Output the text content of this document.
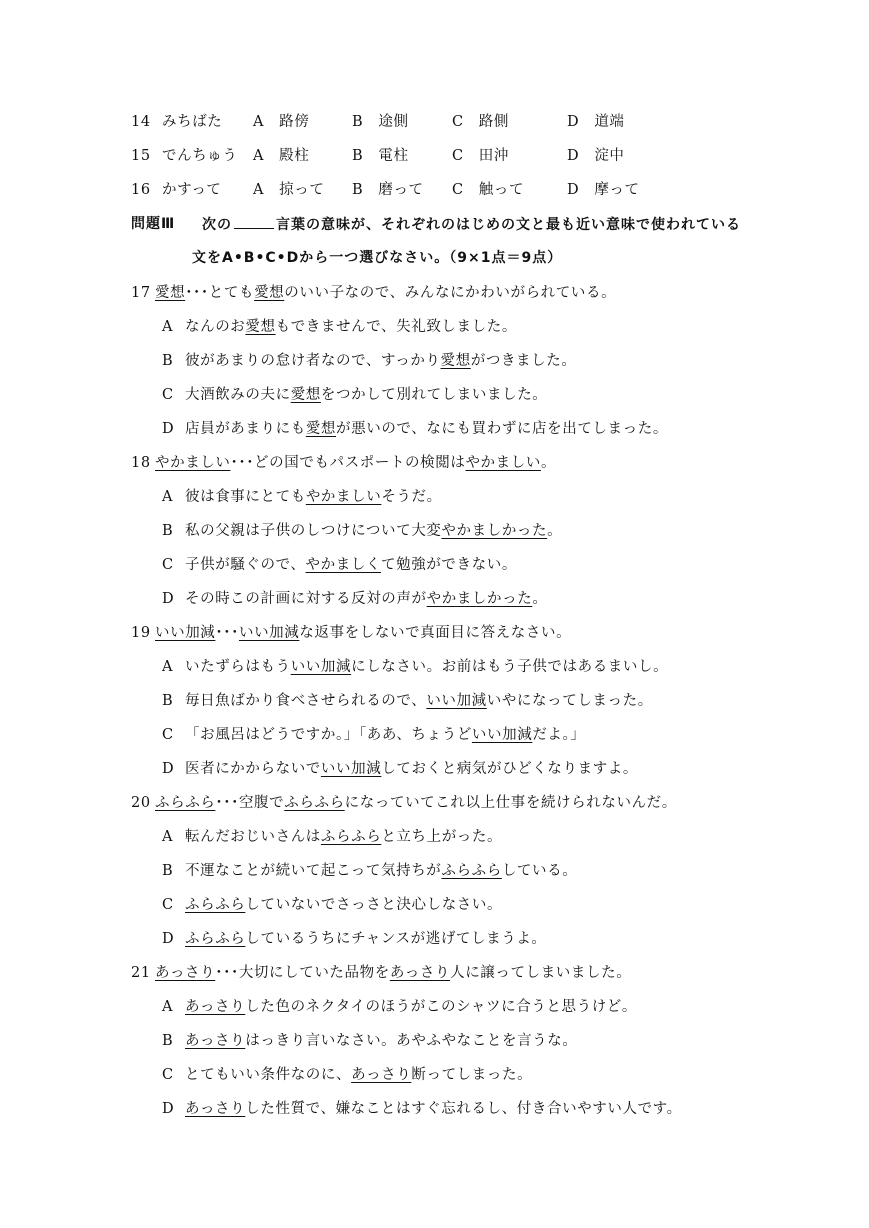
14 みちばた A　路傍	B　途側	C　路側	D　道端
15 でんちゅう A　殿柱	B　電柱	C　田沖	D　淀中
16 かすって A　掠って B　磨って C　触って	D　摩って
問題Ⅲ 次の	言葉の意味が、それぞれのはじめの文と最も近い意味で使われている
文をA•B•C•Dから一つ選びなさい。（9×1点＝9点）
17 愛想･･･とても愛想のいい子なので、みんなにかわいがられている。
A なんのお愛想もできませんで、失礼致しました。
B 彼があまりの怠け者なので、すっかり愛想がつきました。
C 大酒飲みの夫に愛想をつかして別れてしまいました。
D 店員があまりにも愛想が悪いので、なにも買わずに店を出てしまった。
18 やかましい･･･どの国でもパスポートの検閲はやかましい。
A 彼は食事にとてもやかましいそうだ。
B 私の父親は子供のしつけについて大変やかましかった。
C 子供が騒ぐので、やかましくて勉強ができない。
D その時この計画に対する反対の声がやかましかった。
19 いい加減･･･いい加減な返事をしないで真面目に答えなさい。
A いたずらはもういい加減にしなさい。お前はもう子供ではあるまいし。
B 毎日魚ばかり食べさせられるので、いい加減いやになってしまった。
C 「お風呂はどうですか。」「ああ、ちょうどいい加減だよ。」
D 医者にかからないでいい加減しておくと病気がひどくなりますよ。
20 ふらふら･･･空腹でふらふらになっていてこれ以上仕事を続けられないんだ。
A 転んだおじいさんはふらふらと立ち上がった。
B 不運なことが続いて起こって気持ちがふらふらしている。
C ふらふらしていないでさっさと決心しなさい。
D ふらふらしているうちにチャンスが逃げてしまうよ。
21 あっさり･･･大切にしていた品物をあっさり人に譲ってしまいました。
A あっさりした色のネクタイのほうがこのシャツに合うと思うけど。
B あっさりはっきり言いなさい。あやふやなことを言うな。
C とてもいい条件なのに、あっさり断ってしまった。
D あっさりした性質で、嫌なことはすぐ忘れるし、付き合いやすい人です。
